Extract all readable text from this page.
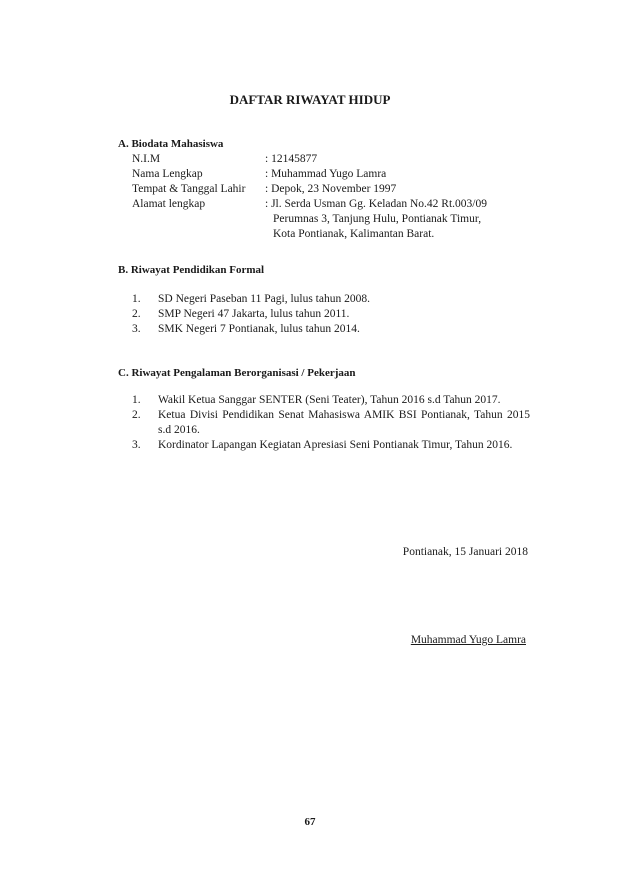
DAFTAR RIWAYAT HIDUP
A. Biodata Mahasiswa
N.I.M	: 12145877
Nama Lengkap	: Muhammad Yugo Lamra
Tempat & Tanggal Lahir	: Depok, 23 November 1997
Alamat lengkap	: Jl. Serda Usman Gg. Keladan No.42 Rt.003/09
Perumnas 3, Tanjung Hulu, Pontianak Timur,
Kota Pontianak, Kalimantan Barat.
B. Riwayat Pendidikan Formal
1.	SD Negeri Paseban 11 Pagi, lulus tahun 2008.
2.	SMP Negeri 47 Jakarta, lulus tahun 2011.
3.	SMK Negeri 7 Pontianak, lulus tahun 2014.
C. Riwayat Pengalaman Berorganisasi / Pekerjaan
1.	Wakil Ketua Sanggar SENTER (Seni Teater), Tahun 2016 s.d Tahun 2017.
2.	Ketua Divisi Pendidikan Senat Mahasiswa AMIK BSI Pontianak, Tahun 2015 s.d 2016.
3.	Kordinator Lapangan Kegiatan Apresiasi Seni Pontianak Timur, Tahun 2016.
Pontianak, 15 Januari 2018
Muhammad Yugo Lamra
67
